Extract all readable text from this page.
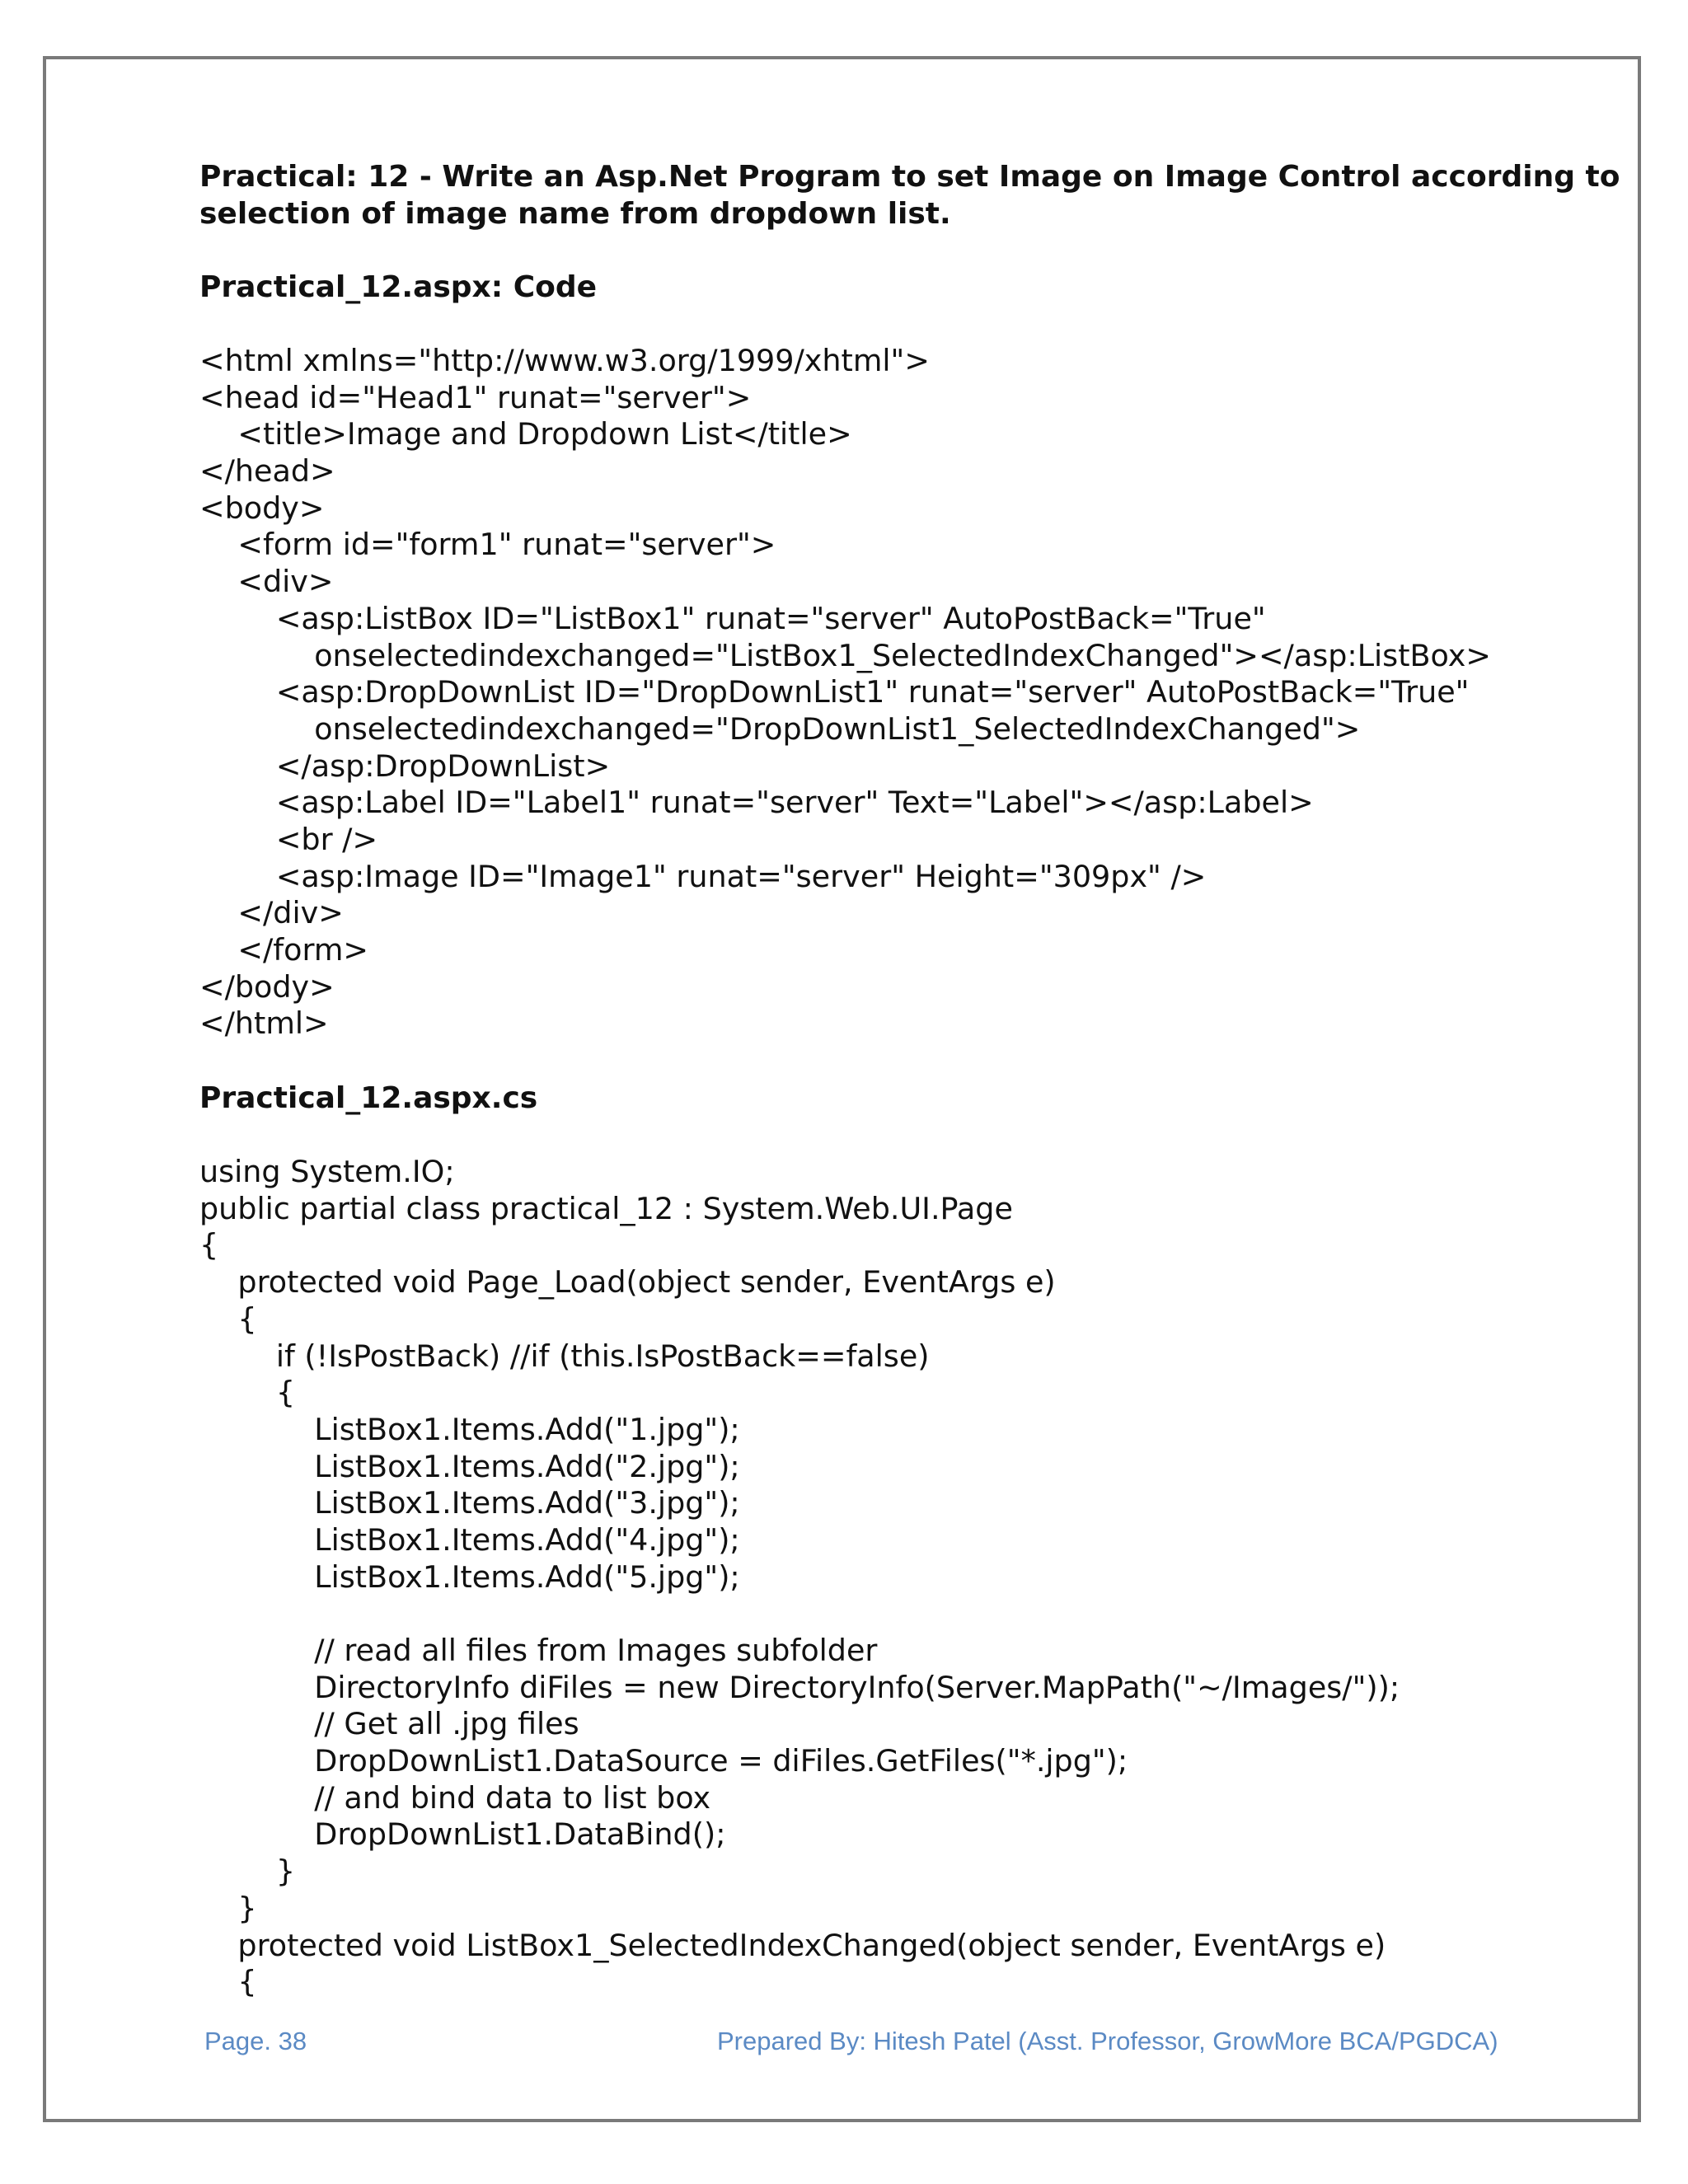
Practical: 12 - Write an Asp.Net Program to set Image on Image Control according to selection of image name from dropdown list.

Practical_12.aspx: Code

<html xmlns="http://www.w3.org/1999/xhtml">
<head id="Head1" runat="server">
<title>Image and Dropdown List</title>
</head>
<body>
<form id="form1" runat="server">
<div>
<asp:ListBox ID="ListBox1" runat="server" AutoPostBack="True"
onselectedindexchanged="ListBox1_SelectedIndexChanged"></asp:ListBox>
<asp:DropDownList ID="DropDownList1" runat="server" AutoPostBack="True"
onselectedindexchanged="DropDownList1_SelectedIndexChanged">
</asp:DropDownList>
<asp:Label ID="Label1" runat="server" Text="Label"></asp:Label>
<br />
<asp:Image ID="Image1" runat="server" Height="309px" />
</div>
</form>
</body>
</html>

Practical_12.aspx.cs

using System.IO;
public partial class practical_12 : System.Web.UI.Page
{
protected void Page_Load(object sender, EventArgs e)
{
if (!IsPostBack) //if (this.IsPostBack==false)
{
ListBox1.Items.Add("1.jpg");
ListBox1.Items.Add("2.jpg");
ListBox1.Items.Add("3.jpg");
ListBox1.Items.Add("4.jpg");
ListBox1.Items.Add("5.jpg");
// read all files from Images subfolder
DirectoryInfo diFiles = new DirectoryInfo(Server.MapPath("~/Images/"));
// Get all .jpg files
DropDownList1.DataSource = diFiles.GetFiles("*.jpg");
// and bind data to list box
DropDownList1.DataBind();
}
}
protected void ListBox1_SelectedIndexChanged(object sender, EventArgs e)
{
Page. 38	Prepared By: Hitesh Patel (Asst. Professor, GrowMore BCA/PGDCA)
